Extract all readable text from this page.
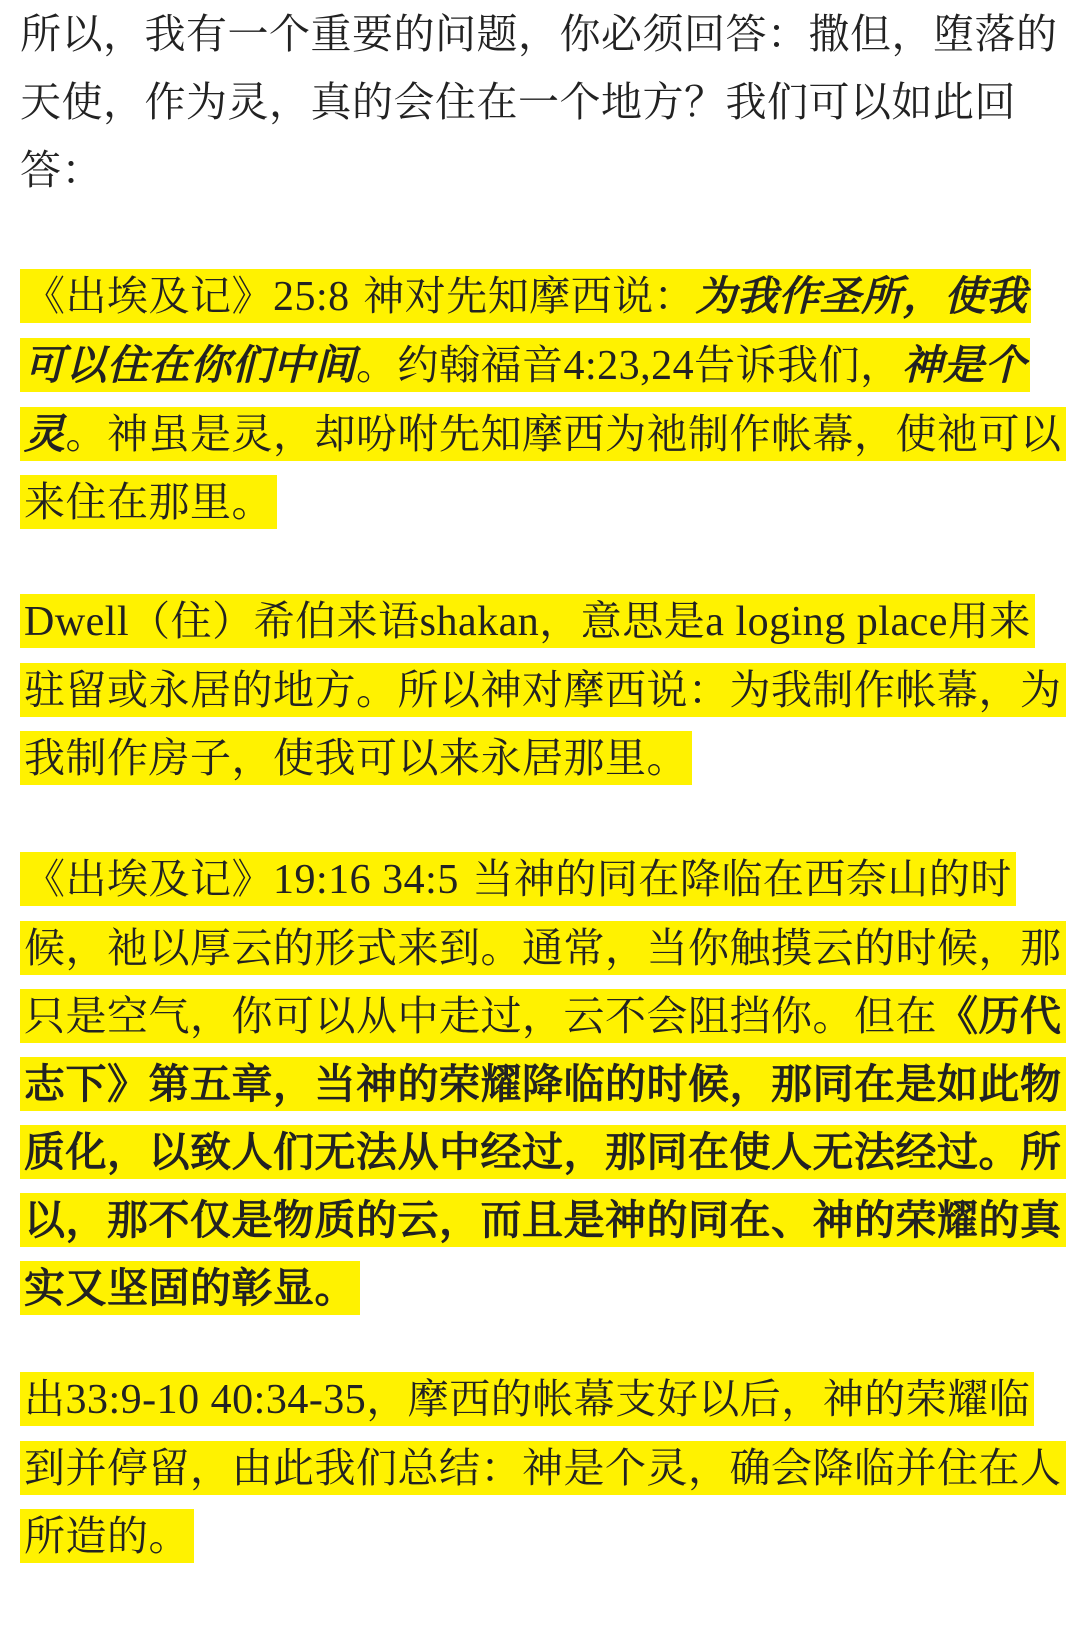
所以，我有一个重要的问题，你必须回答：撒但，堕落的天使，作为灵，真的会住在一个地方？我们可以如此回答：

《出埃及记》25:8 神对先知摩西说：为我作圣所，使我可以住在你们中间。约翰福音4:23,24告诉我们，神是个灵。神虽是灵，却吩咐先知摩西为祂制作帐幕，使祂可以来住在那里。

Dwell（住）希伯来语shakan，意思是a loging place用来驻留或永居的地方。所以神对摩西说：为我制作帐幕，为我制作房子，使我可以来永居那里。

《出埃及记》19:16 34:5 当神的同在降临在西奈山的时候，祂以厚云的形式来到。通常，当你触摸云的时候，那只是空气，你可以从中走过，云不会阻挡你。但在《历代志下》第五章，当神的荣耀降临的时候，那同在是如此物质化，以致人们无法从中经过，那同在使人无法经过。所以，那不仅是物质的云，而且是神的同在、神的荣耀的真实又坚固的彰显。

出33:9-10 40:34-35，摩西的帐幕支好以后，神的荣耀临到并停留，由此我们总结：神是个灵，确会降临并住在人所造的。
